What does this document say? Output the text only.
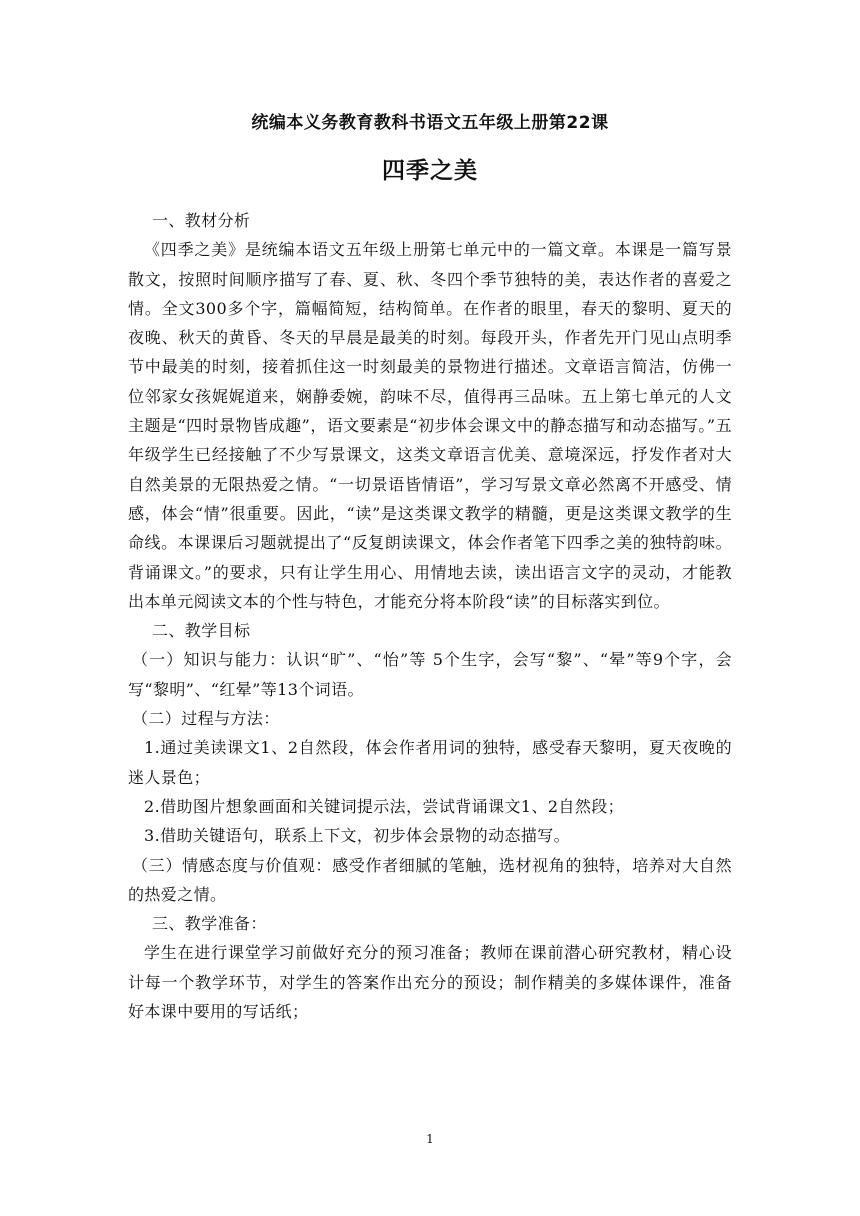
统编本义务教育教科书语文五年级上册第22课
四季之美

一、教材分析

《四季之美》是统编本语文五年级上册第七单元中的一篇文章。本课是一篇写景散文，按照时间顺序描写了春、夏、秋、冬四个季节独特的美，表达作者的喜爱之情。全文300多个字，篇幅简短，结构简单。在作者的眼里，春天的黎明、夏天的夜晚、秋天的黄昏、冬天的早晨是最美的时刻。每段开头，作者先开门见山点明季节中最美的时刻，接着抓住这一时刻最美的景物进行描述。文章语言简洁，仿佛一位邻家女孩娓娓道来，娴静委婉，韵味不尽，值得再三品味。五上第七单元的人文主题是“四时景物皆成趣”，语文要素是“初步体会课文中的静态描写和动态描写。”五年级学生已经接触了不少写景课文，这类文章语言优美、意境深远，抒发作者对大自然美景的无限热爱之情。“一切景语皆情语”，学习写景文章必然离不开感受、情感，体会“情”很重要。因此，“读”是这类课文教学的精髓，更是这类课文教学的生命线。本课课后习题就提出了“反复朗读课文，体会作者笔下四季之美的独特韵味。背诵课文。”的要求，只有让学生用心、用情地去读，读出语言文字的灵动，才能教出本单元阅读文本的个性与特色，才能充分将本阶段“读”的目标落实到位。

二、教学目标

（一）知识与能力：认识“旷”、“怡”等 5个生字，会写“黎”、“晕”等9个字，会写“黎明”、“红晕”等13个词语。

（二）过程与方法：

1.通过美读课文1、2自然段，体会作者用词的独特，感受春天黎明，夏天夜晚的迷人景色；

2.借助图片想象画面和关键词提示法，尝试背诵课文1、2自然段；

3.借助关键语句，联系上下文，初步体会景物的动态描写。

（三）情感态度与价值观：感受作者细腻的笔触，选材视角的独特，培养对大自然的热爱之情。

三、教学准备：

学生在进行课堂学习前做好充分的预习准备；教师在课前潜心研究教材，精心设计每一个教学环节，对学生的答案作出充分的预设；制作精美的多媒体课件，准备好本课中要用的写话纸；

1
